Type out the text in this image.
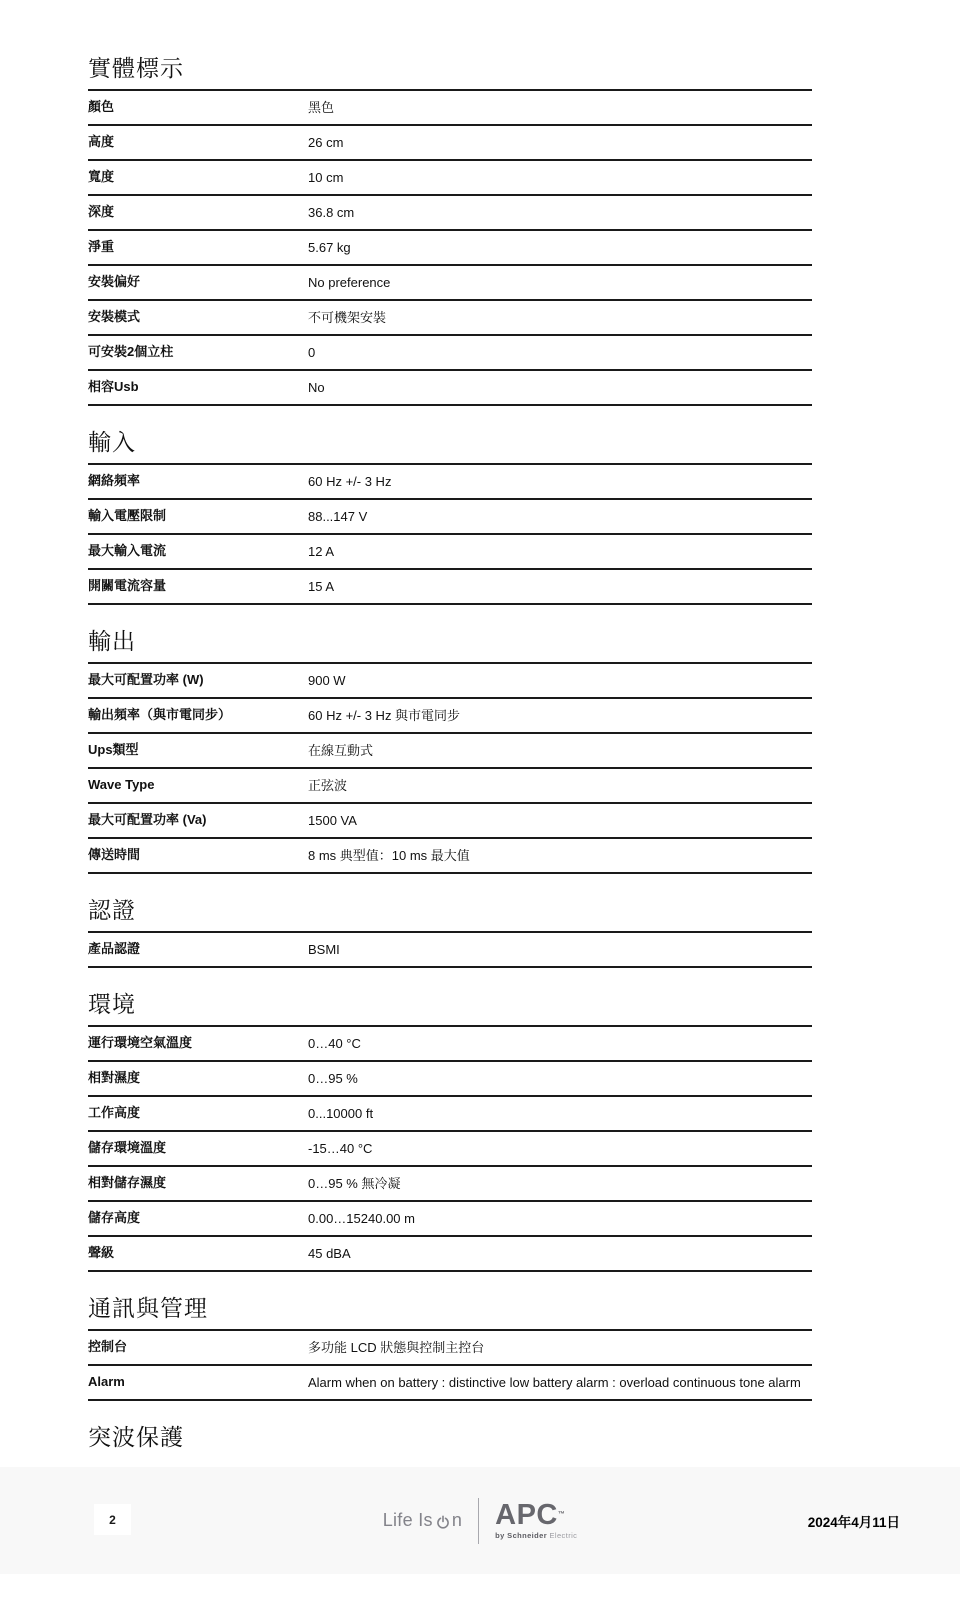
實體標示
顏色	黑色
高度	26 cm
寬度	10 cm
深度	36.8 cm
淨重	5.67 kg
安裝偏好	No preference
安裝模式	不可機架安裝
可安裝2個立柱	0
相容Usb	No
輸入
網絡頻率	60 Hz +/- 3 Hz
輸入電壓限制	88...147 V
最大輸入電流	12 A
開關電流容量	15 A
輸出
最大可配置功率 (W)	900 W
輸出頻率（與市電同步）	60 Hz +/- 3 Hz 與市電同步
Ups類型	在線互動式
Wave Type	正弦波
最大可配置功率 (Va)	1500 VA
傳送時間	8 ms 典型值：10 ms 最大值
認證
產品認證	BSMI
環境
運行環境空氣溫度	0…40 °C
相對濕度	0…95 %
工作高度	0...10000 ft
儲存環境溫度	-15…40 °C
相對儲存濕度	0…95 % 無冷凝
儲存高度	0.00…15240.00 m
聲級	45 dBA
通訊與管理
控制台	多功能 LCD 狀態與控制主控台
Alarm	Alarm when on battery : distinctive low battery alarm : overload continuous tone alarm
突波保護
2	Life Is n APC™
by Schneider Electric
2024年4月11日
